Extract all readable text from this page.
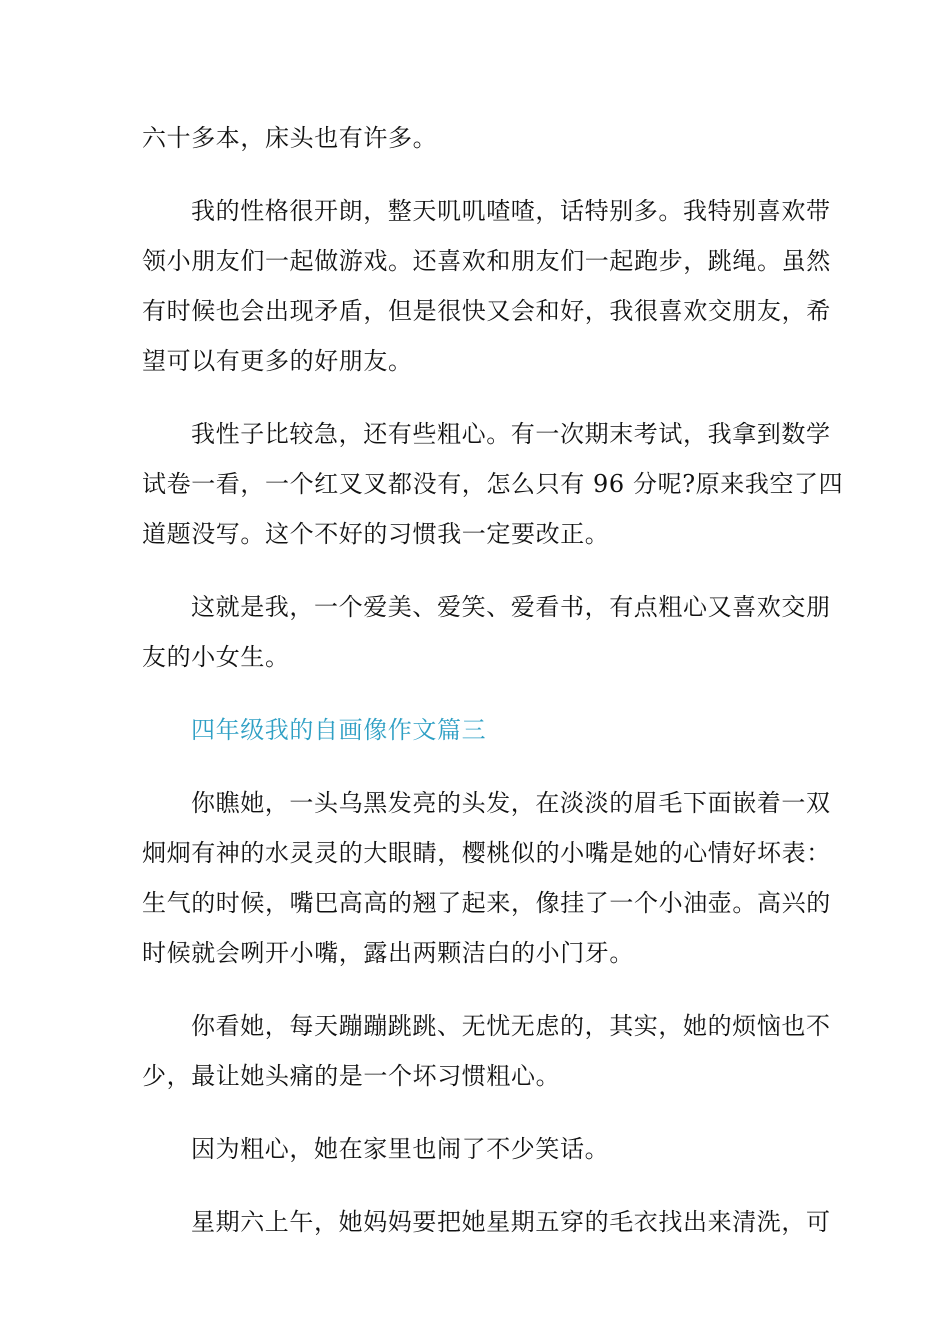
六十多本，床头也有许多。

我的性格很开朗，整天叽叽喳喳，话特别多。我特别喜欢带
领小朋友们一起做游戏。还喜欢和朋友们一起跑步，跳绳。虽然
有时候也会出现矛盾，但是很快又会和好，我很喜欢交朋友，希
望可以有更多的好朋友。

我性子比较急，还有些粗心。有一次期末考试，我拿到数学
试卷一看，一个红叉叉都没有，怎么只有 96 分呢?原来我空了四
道题没写。这个不好的习惯我一定要改正。

这就是我，一个爱美、爱笑、爱看书，有点粗心又喜欢交朋
友的小女生。

四年级我的自画像作文篇三

你瞧她，一头乌黑发亮的头发，在淡淡的眉毛下面嵌着一双
炯炯有神的水灵灵的大眼睛，樱桃似的小嘴是她的心情好坏表：
生气的时候，嘴巴高高的翘了起来，像挂了一个小油壶。高兴的
时候就会咧开小嘴，露出两颗洁白的小门牙。

你看她，每天蹦蹦跳跳、无忧无虑的，其实，她的烦恼也不
少，最让她头痛的是一个坏习惯粗心。

因为粗心，她在家里也闹了不少笑话。

星期六上午，她妈妈要把她星期五穿的毛衣找出来清洗，可
